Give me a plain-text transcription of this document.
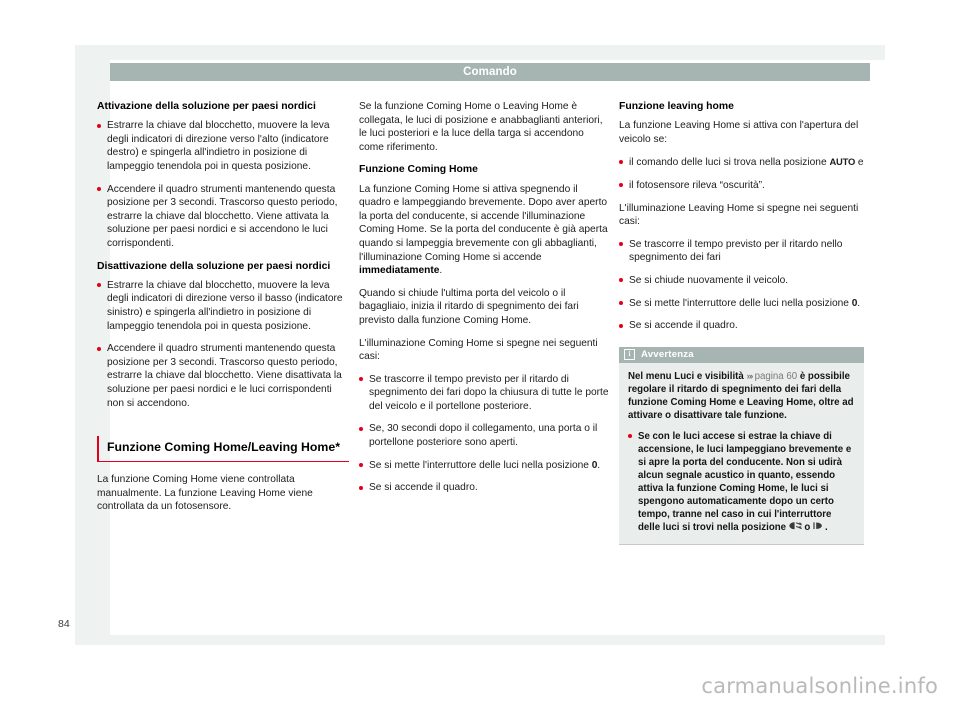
Comando
84
Attivazione della soluzione per paesi nordici

Estrarre la chiave dal blocchetto, muovere la leva degli indicatori di direzione verso l'alto (indicatore destro) e spingerla all'indietro in posizione di lampeggio tenendola poi in questa posizione.

Accendere il quadro strumenti mantenendo questa posizione per 3 secondi. Trascorso questo periodo, estrarre la chiave dal blocchetto. Viene attivata la soluzione per paesi nordici e si accendono le luci corrispondenti.

Disattivazione della soluzione per paesi nordici

Estrarre la chiave dal blocchetto, muovere la leva degli indicatori di direzione verso il basso (indicatore sinistro) e spingerla all'indietro in posizione di lampeggio tenendola poi in questa posizione.

Accendere il quadro strumenti mantenendo questa posizione per 3 secondi. Trascorso questo periodo, estrarre la chiave dal blocchetto. Viene disattivata la soluzione per paesi nordici e le luci corrispondenti non si accendono.

Funzione Coming Home/Leaving Home*

La funzione Coming Home viene controllata manualmente. La funzione Leaving Home viene controllata da un fotosensore.

Se la funzione Coming Home o Leaving Home è collegata, le luci di posizione e anabbaglianti anteriori, le luci posteriori e la luce della targa si accendono come riferimento.

Funzione Coming Home

La funzione Coming Home si attiva spegnendo il quadro e lampeggiando brevemente. Dopo aver aperto la porta del conducente, si accende l'illuminazione Coming Home. Se la porta del conducente è già aperta quando si lampeggia brevemente con gli abbaglianti, l'illuminazione Coming Home si accende immediatamente.

Quando si chiude l'ultima porta del veicolo o il bagagliaio, inizia il ritardo di spegnimento dei fari previsto dalla funzione Coming Home.

L'illuminazione Coming Home si spegne nei seguenti casi:

Se trascorre il tempo previsto per il ritardo di spegnimento dei fari dopo la chiusura di tutte le porte del veicolo e il portellone posteriore.

Se, 30 secondi dopo il collegamento, una porta o il portellone posteriore sono aperti.

Se si mette l'interruttore delle luci nella posizione 0.

Se si accende il quadro.

Funzione leaving home

La funzione Leaving Home si attiva con l'apertura del veicolo se:

il comando delle luci si trova nella posizione AUTO e

il fotosensore rileva “oscurità”.

L'illuminazione Leaving Home si spegne nei seguenti casi:

Se trascorre il tempo previsto per il ritardo nello spegnimento dei fari

Se si chiude nuovamente il veicolo.

Se si mette l'interruttore delle luci nella posizione 0.

Se si accende il quadro.

i	Avvertenza

Nel menu Luci e visibilità »› pagina 60 è possibile regolare il ritardo di spegnimento dei fari della funzione Coming Home e Leaving Home, oltre ad attivare o disattivare tale funzione.

Se con le luci accese si estrae la chiave di accensione, le luci lampeggiano brevemente e si apre la porta del conducente. Non si udirà alcun segnale acustico in quanto, essendo attiva la funzione Coming Home, le luci si spengono automaticamente dopo un certo tempo, tranne nel caso in cui l'interruttore delle luci si trovi nella posizione  o .

carmanualsonline.info
